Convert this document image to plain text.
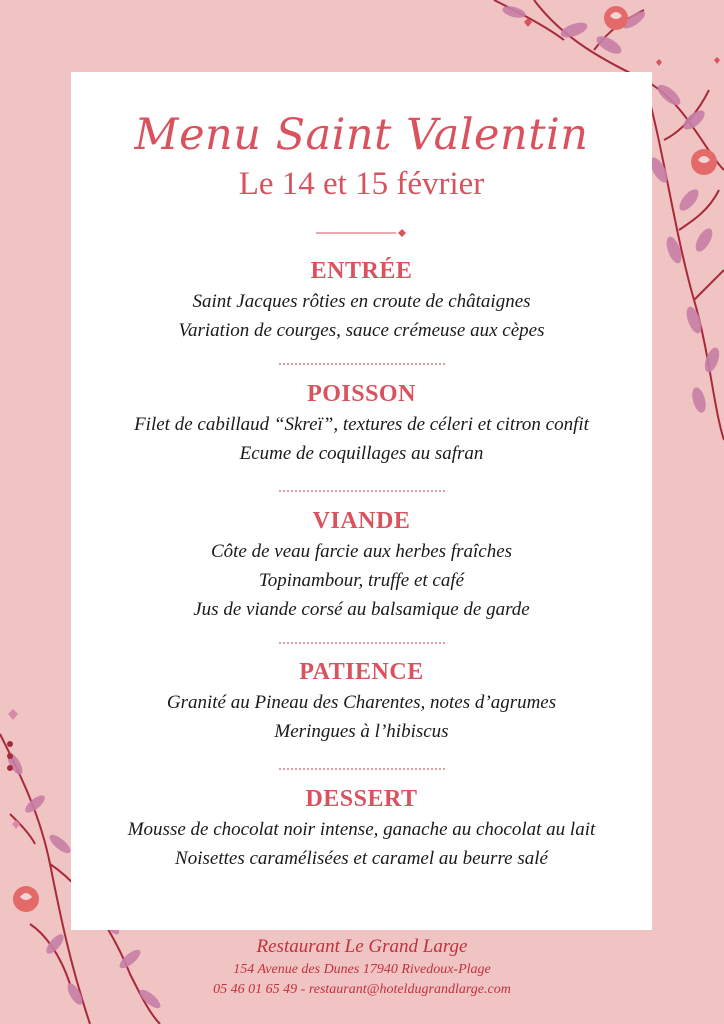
Menu Saint Valentin
Le 14 et 15 février
ENTRÉE
Saint Jacques rôties en croute de châtaignes
Variation de courges, sauce crémeuse aux cèpes
POISSON
Filet de cabillaud “Skreï”, textures de céleri et citron confit
Ecume de coquillages au safran
VIANDE
Côte de veau farcie aux herbes fraîches
Topinambour, truffe et café
Jus de viande corsé au balsamique de garde
PATIENCE
Granité au Pineau des Charentes, notes d’agrumes
Meringues à l’hibiscus
DESSERT
Mousse de chocolat noir intense, ganache au chocolat au lait
Noisettes caramélisées et caramel au beurre salé
Restaurant Le Grand Large
154 Avenue des Dunes 17940 Rivedoux-Plage
05 46 01 65 49 - restaurant@hoteldugrandlarge.com
